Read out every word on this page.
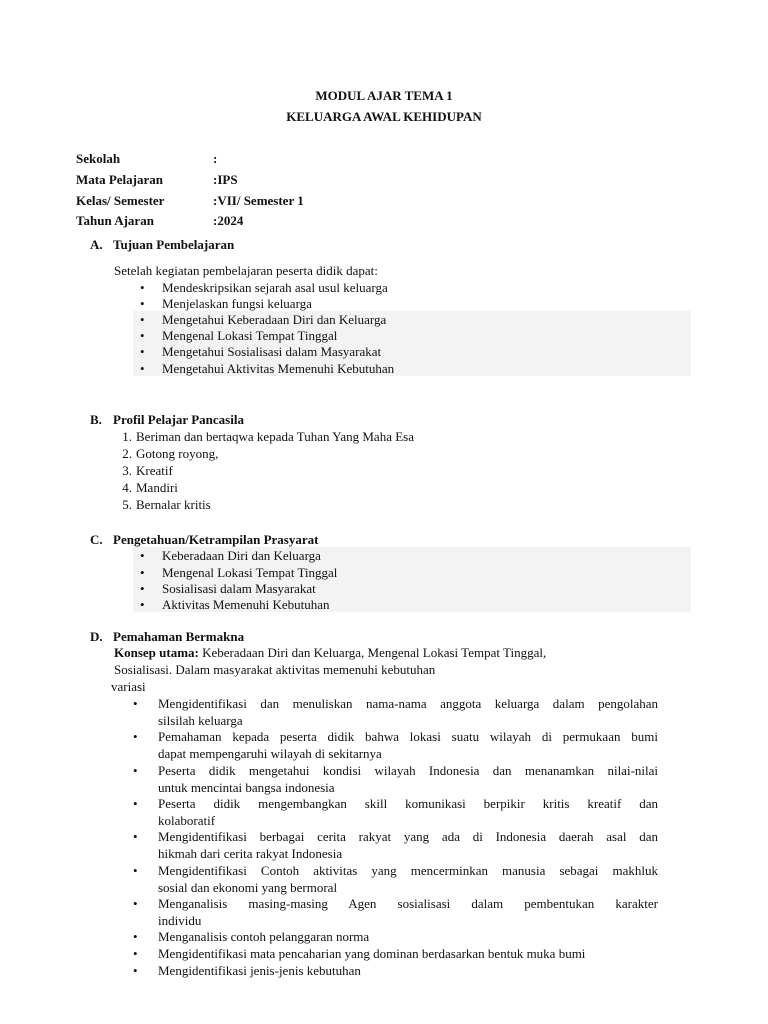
MODUL AJAR TEMA 1
KELUARGA AWAL KEHIDUPAN
Sekolah	:
Mata Pelajaran	:IPS
Kelas/ Semester	:VII/ Semester 1
Tahun Ajaran	:2024
A. Tujuan Pembelajaran
Setelah kegiatan pembelajaran peserta didik dapat:
• Mendeskripsikan sejarah asal usul keluarga
• Menjelaskan fungsi keluarga
• Mengetahui Keberadaan Diri dan Keluarga
• Mengenal Lokasi Tempat Tinggal
• Mengetahui Sosialisasi dalam Masyarakat
• Mengetahui Aktivitas Memenuhi Kebutuhan
B. Profil Pelajar Pancasila
1. Beriman dan bertaqwa kepada Tuhan Yang Maha Esa
2. Gotong royong,
3. Kreatif
4. Mandiri
5. Bernalar kritis
C. Pengetahuan/Ketrampilan Prasyarat
• Keberadaan Diri dan Keluarga
• Mengenal Lokasi Tempat Tinggal
• Sosialisasi dalam Masyarakat
• Aktivitas Memenuhi Kebutuhan
D. Pemahaman Bermakna
Konsep utama: Keberadaan Diri dan Keluarga, Mengenal Lokasi Tempat Tinggal,
Sosialisasi. Dalam masyarakat aktivitas memenuhi kebutuhan
variasi
• Mengidentifikasi dan menuliskan nama-nama anggota keluarga dalam pengolahan
silsilah keluarga
• Pemahaman kepada peserta didik bahwa lokasi suatu wilayah di permukaan bumi
dapat mempengaruhi wilayah di sekitarnya
• Peserta didik mengetahui kondisi wilayah Indonesia dan menanamkan nilai-nilai
untuk mencintai bangsa indonesia
• Peserta didik mengembangkan skill komunikasi berpikir kritis kreatif dan
kolaboratif
• Mengidentifikasi berbagai cerita rakyat yang ada di Indonesia daerah asal dan
hikmah dari cerita rakyat Indonesia
• Mengidentifikasi Contoh aktivitas yang mencerminkan manusia sebagai makhluk
sosial dan ekonomi yang bermoral
• Menganalisis masing-masing Agen sosialisasi dalam pembentukan karakter
individu
• Menganalisis contoh pelanggaran norma
• Mengidentifikasi mata pencaharian yang dominan berdasarkan bentuk muka bumi
• Mengidentifikasi jenis-jenis kebutuhan
